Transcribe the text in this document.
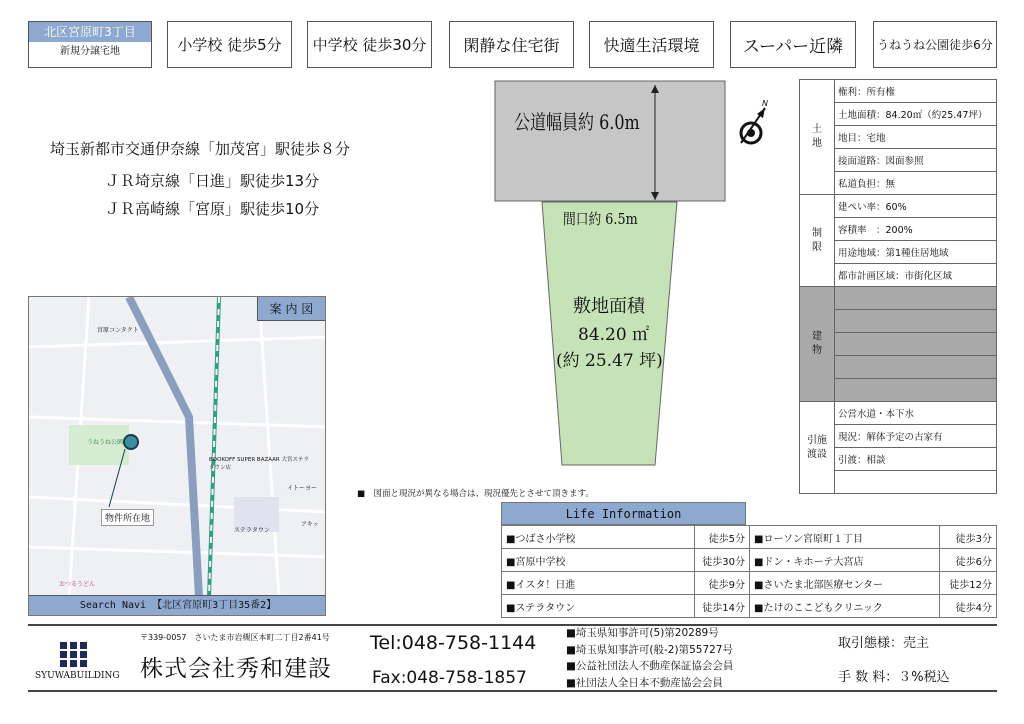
北区宮原町3丁目
新規分譲宅地	小学校 徒歩5分	中学校 徒歩30分	閑静な住宅街	快適生活環境	スーパー近隣	うねうね公園徒歩6分
埼玉新都市交通伊奈線「加茂宮」駅徒歩８分
ＪＲ埼京線「日進」駅徒歩13分
ＪＲ高崎線「宮原」駅徒歩10分
公道幅員約 6.0m
間口約 6.5m
敷地面積
84.20 ㎡
(約 25.47 坪)
N
土
地	権利：所有権
	土地面積：84.20㎡（約25.47坪）
	地目：宅地
	接面道路：図面参照
	私道負担：無
制
限	建ぺい率：60%
	容積率　：200%
	用途地域：第1種住居地域
	都市計画区域：市街化区域
建
物	

引施
渡設	公営水道・本下水
	現況：解体予定の古家有
	引渡：相談

案 内 図
宮原コンタクト
うねうね公園
BOOKOFF SUPER BAZAAR 大宮ステラタウン店
イトーヨー
ステラタウン
アキッ
おつるうどん
物件所在地
Search Navi 【北区宮原町3丁目35番2】
■　図面と現況が異なる場合は、現況優先とさせて頂きます。
Life Information
■つばさ小学校	徒歩5分	■ローソン宮原町１丁目	徒歩3分
■宮原中学校	徒歩30分	■ドン・キホーテ大宮店	徒歩6分
■イスタ！日進	徒歩9分	■さいたま北部医療センター	徒歩12分
■ステラタウン	徒歩14分	■たけのここどもクリニック	徒歩4分
SYUWABUILDING
〒339-0057　さいたま市岩槻区本町二丁目2番41号
株式会社秀和建設
Tel:048-758-1144
Fax:048-758-1857
■埼玉県知事許可(5)第20289号
■埼玉県知事許可(般-2)第55727号
■公益社団法人不動産保証協会会員
■社団法人全日本不動産協会会員
取引態様：売主
手 数 料：３%税込
